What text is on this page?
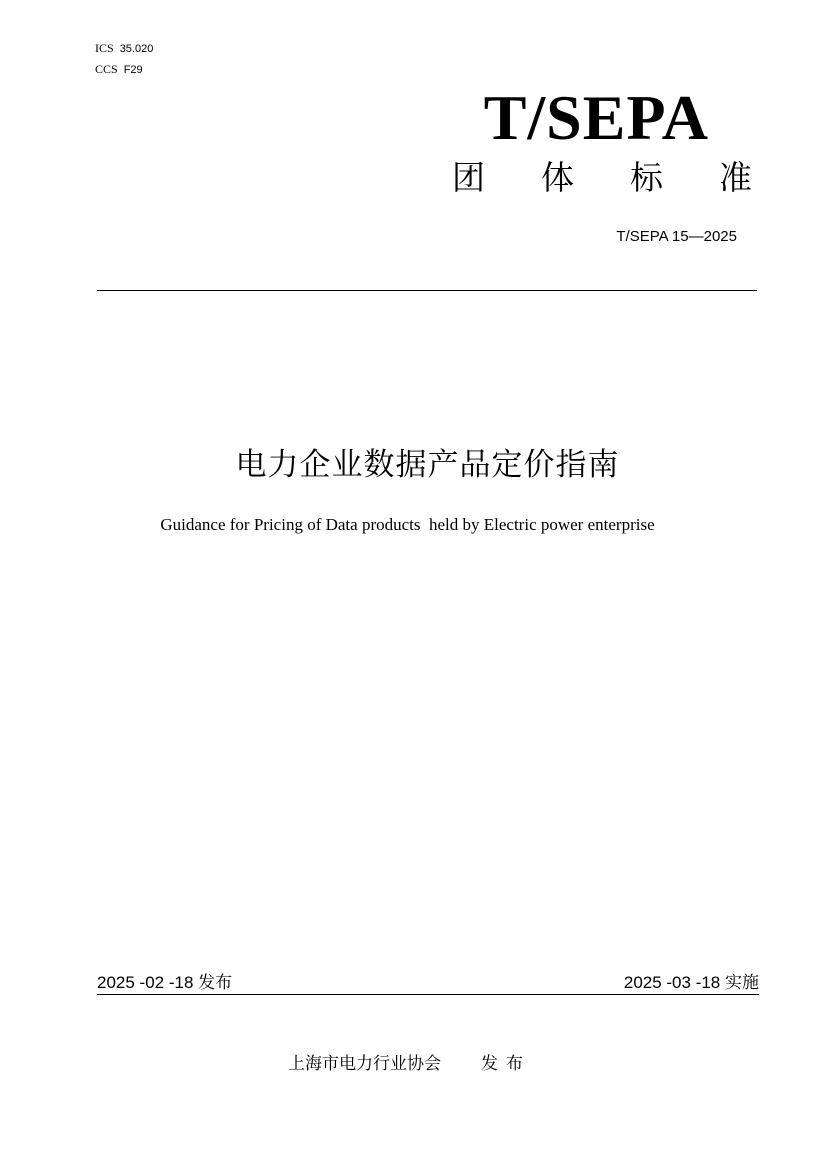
ICS 35.020
CCS F29
T/SEPA
团 体 标 准
T/SEPA 15—2025
电力企业数据产品定价指南
Guidance for Pricing of Data products  held by Electric power enterprise
2025 -02 -18 发布	2025 -03 -18 实施
上海市电力行业协会 发布
